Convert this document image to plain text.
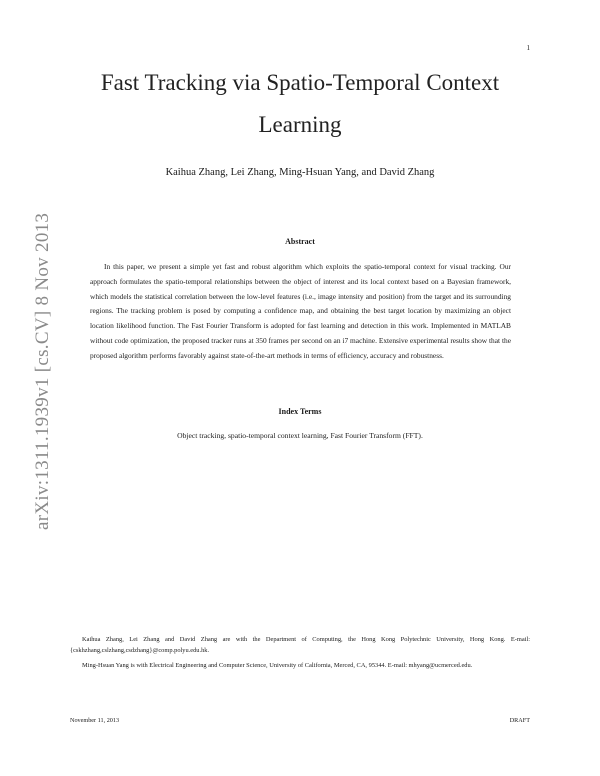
1
arXiv:1311.1939v1 [cs.CV] 8 Nov 2013
Fast Tracking via Spatio-Temporal Context Learning
Kaihua Zhang, Lei Zhang, Ming-Hsuan Yang, and David Zhang
Abstract
In this paper, we present a simple yet fast and robust algorithm which exploits the spatio-temporal context for visual tracking. Our approach formulates the spatio-temporal relationships between the object of interest and its local context based on a Bayesian framework, which models the statistical correlation between the low-level features (i.e., image intensity and position) from the target and its surrounding regions. The tracking problem is posed by computing a confidence map, and obtaining the best target location by maximizing an object location likelihood function. The Fast Fourier Transform is adopted for fast learning and detection in this work. Implemented in MATLAB without code optimization, the proposed tracker runs at 350 frames per second on an i7 machine. Extensive experimental results show that the proposed algorithm performs favorably against state-of-the-art methods in terms of efficiency, accuracy and robustness.
Index Terms
Object tracking, spatio-temporal context learning, Fast Fourier Transform (FFT).

Kaihua Zhang, Lei Zhang and David Zhang are with the Department of Computing, the Hong Kong Polytechnic University, Hong Kong. E-mail: {cskhzhang,cslzhang,csdzhang}@comp.polyu.edu.hk.

Ming-Hsuan Yang is with Electrical Engineering and Computer Science, University of California, Merced, CA, 95344. E-mail: mhyang@ucmerced.edu.

November 11, 2013	DRAFT
